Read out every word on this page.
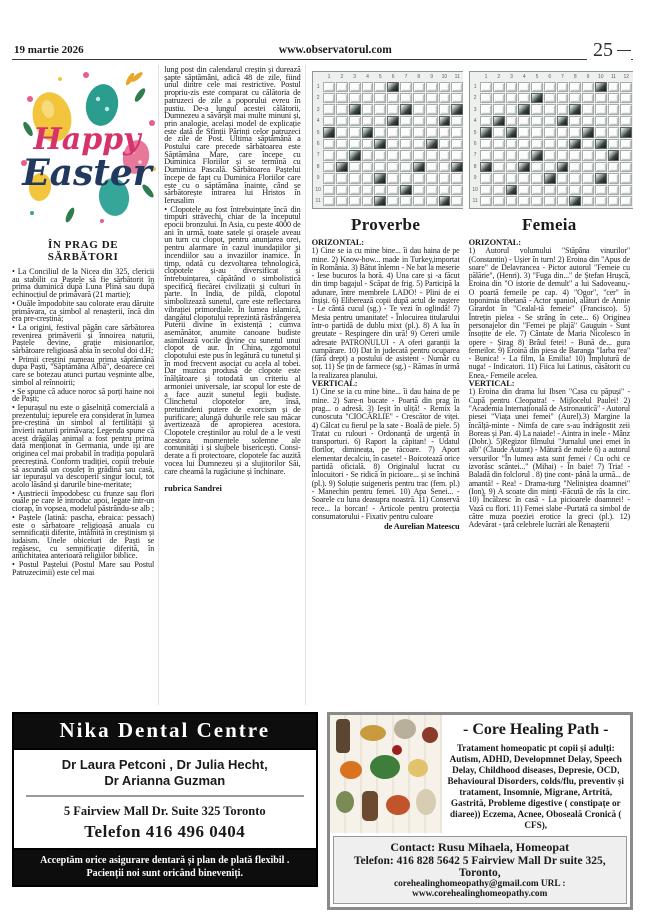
19 martie 2026	www.observatorul.com	25
Happy
Easter
ÎN PRAG DE SĂRBĂTORI

• La Conciliul de la Nicea din 325, clericii au stabilit ca Paștele să fie sărbătorit în prima duminică după Luna Plină sau după echinocțiul de primăvară (21 martie);

• Ouăle împodobite sau colorate erau dăruite primăvara, ca simbol al renașterii, încă din era pre-creștină;

• La origini, festival păgân care sărbătorea revenirea primăverii și înnoirea naturii, Paștele devine, grație misionarilor, sărbătoare religioasă abia în secolul doi d.H;

• Primii creștini numeau prima săptămână dupa Paști, "Săptămâna Albă", deoarece cei care se botezau atunci purtau veșminte albe, simbol al reînnoirii;

• Se spune că aduce noroc să porți haine noi de Paști;

• Iepurașul nu este o găselniță comercială a prezentului: iepurele era considerat în lumea pre-creștină un simbol al fertilității și învierii naturii primăvara; Legenda spune că acest drăgălaș animal a fost pentru prima dată menționat în Germania, unde își are originea cel mai probabil în tradiția populară precreștină. Conform tradiției, copiii trebuie să ascundă un coșuleț în grădină sau casă, iar iepurașul va descoperii singur locul, tot acolo lăsând și darurile bine-meritate;

• Austriecii împodobesc cu frunze sau flori ouăle pe care le introduc apoi, legate într-un ciorap, în vopsea, modelul păstrându-se alb ;

• Paștele (latină: pascha, ebraica: pessach) este o sărbatoare religioasă anuala cu semnificații diferite, întâlnită în creștinism și iudaism. Unele obiceiuri de Paști se regăsesc, cu semnificație diferită, în antichitatea anterioară religiilor biblice.

• Postul Paștelui (Postul Mare sau Postul Patruzecimii) este cel mai

lung post din calendarul creștin și durează șapte săptămâni, adică 48 de zile, fiind unul dintre cele mai restrictive. Postul propriu-zis este comparat cu călătoria de patruzeci de zile a poporului evreu în pustiu. De-a lungul acestei călătorii, Dumnezeu a săvârșit mai multe minuni și, prin analogie, același model de explicație este dată de Sfinții Părinți celor patruzeci de zile de Post. Ultima săptămână a Postului care precede sărbătoarea este Săptămâna Mare, care începe cu Duminica Floriilor și se termină cu Duminica Pascală. Sărbătoarea Paștelui începe de fapt cu Duminica Floriilor care este cu o săptămâna înainte, când se sărbătorește intrarea lui Hristos în Ierusalim

• Clopotele au fost întrebuințate încă din timpuri străvechi, chiar de la începutul epocii bronzului. În Asia, cu peste 4000 de ani în urmă, toate satele și orașele aveau un turn cu clopot, pentru anunțarea orei, pentru alarmare în cazul inundațiilor și incendiilor sau a invaziilor inamice. În timp, odată cu dezvoltarea tehnologică, clopotele și-au diversificat și întrebuințarea, căpătând o simbolistică specifică fiecărei civilizații și culturi în parte. În India, de pildă, clopotul simbolizează sunetul, care este reflectarea vibrației primordiale. În lumea islamică, dangătul clopotului reprezintă răsfrângerea Puterii divine în existență ; cumva asemănător, anumite canoane budiste asimilează vocile divine cu sunetul unui clopot de aur. În China, zgomotul clopotului este pus în legătură cu tunetul și în mod frecvent asociat cu acela al tobei. Dar muzica produsă de clopote este înălțătoare și totodată un criteriu al armoniei universale, iar scopul lor este de a face auzit sunetul legii budiste. Clinchetul clopotelor are, însă, pretutindeni putere de exorcism și de purificare; alungă duhurile rele sau măcar avertizează de apropierea acestora. Clopotele creștinilor au rolul de a le vesti acestora momentele solemne ale comunități i și slujbele bisericești. Consi-derate a fi protectoare, clopotele fac auzită vocea lui Dumnezeu și a slujitorilor Săi, care cheamă la rugăciune și închinare.

rubrica Sandrei
1	2	3	4	5	6	7	8	9	10	11
1
2
3
4
5
6
7
8
9
10
11
Proverbe
ORIZONTAL:
1) Cine se ia cu mine bine... îi dau haina de pe mine. 2) Know-how... made in Turkey,importat în România. 3) Bătut înlemn - Ne bat la meserie - Iese bucuros la horă. 4) Una care și -a făcut din timp bagajul - Scăpat de frig. 5) Participă la adunare, între membrele LADO! - Plini de ei înșiși. 6) Eliberează copii după actul de naștere - Le cântă cucul (sg.) - Te vezi în oglindă! 7) Mesia pentru umanitate! - Înlocuirea titularului într-o partidă de dublu mixt (pl.). 8) A lua în greutate - Respingere din ură! 9) Cereri umile adresate PATRONULUI - A oferi garanții la cumpărare. 10) Dat în judecată pentru ocuparea (fără drept) a postului de asistent - Număr cu soț. 11) Se țin de farmece (sg.) - Rămas în urmă la realizarea planului.
VERTICAL:
1) Cine se ia cu mine bine... îi dau haina de pe mine. 2) Sare-n bucate - Poartă din prag în prag... o adresă. 3) Ieșit în uliță! - Remix la cunoscuta "CIOCÂRLIE" - Crescător de viței. 4) Călcat cu fierul pe la sate - Boală de piele. 5) Tratat cu rulouri - Ordonanță de urgență în transporturi. 6) Raport la căpitan! - Udatul florilor, dimineața, pe răcoare. 7) Aport elementar decalciu, în casete! - Boicotează orice partidă oficială. 8) Originalul lucrat cu înlocuitori - Se ridică în picioare... și se închină (pl.). 9) Soluție suigeneris pentru trac (fem. pl.) - Manechin pentru femei. 10) Apa Senei... - Soarele cu luna deasupra noastră. 11) Conservă rece... la borcan! - Articole pentru protecția consumatorului - Fixativ pentru culoare
de Aurelian Mateescu
1	2	3	4	5	6	7	8	9	10	11	12
1
2
3
4
5
6
7
8
9
10
11
Femeia
ORIZONTAL:
1) Autorul volumului "Stăpâna vinurilor" (Constantin) - Ușier în turn! 2) Eroina din "Apus de soare" de Delavrancea - Pictor autorul "Femeie cu pălărie", (Henri). 3) "Fuga din..." de Ștefan Hrușcă, Eroina din "O istorie de demult" a lui Sadoveanu,- O poartă femeile pe cap. 4) "Ogor", "cer" în toponimia tibetană - Actor spaniol, alături de Annie Girardot în "Cealal-tă femeie" (Francisco). 5) Întrețin pielea - Se strâng în cete... 6) Originea personajelor din "Femei pe plajă" Gauguin - Sunt însoțite de ele. 7) Cântate de Maria Nicolesco în opere - Șirag 8) Brâul fetei! - Bună de... gura femeilor. 9) Eroină din piesa de Baranga "Iarba rea" - Bunica! - La film, la Emilia! 10) Împlutură de nuga! - Indicatori. 11) Fiica lui Latinus, căsătorit cu Enea,- Femeile acelea.
VERTICAL:
1) Eroina din drama lui Ibsen "Casa cu păpuși" -Cupă pentru Cleopatra! - Mijlocelul Paulei! 2) "Academia Internațională de Astronautică" - Autorul piesei "Viața unei femei" (Aurel).3) Margine la încălță-minte - Nimfa de care s-au îndrăgostit zeii Boreas și Pan. 4) La naiade! - Aintra in inele - Mânz (Dobr.). 5)Regizor filmului "Jurnalul unei emei în alb" (Claude Autant) - Mătură de nuiele 6) a autorul versurilor "În lumea asta sunt femei / Cu ochi ce izvorăsc scântei..." (Mihai) - În baie! 7) Tria! - Baladă din folclorul . 8) ține cont- până la urmă... de amantă! - Rea! - Drama-turg "Neliniștea doamnei" (Ion). 9) A scoate din minți -Făcută de râs la circ. 10) Încălzesc în casă - La picioarele doamnei! - Vază cu flori. 11) Femei slabe -Purtată ca simbol de către muza poeziei erotice la greci (pl.). 12) Adevărat - țară celebrele lucrări ale Renașterii
Nika Dental Centre
Dr Laura Petconi , Dr Julia Hecht,
Dr Arianna Guzman
5 Fairview Mall Dr. Suite 325 Toronto
Telefon 416 496 0404
Acceptăm orice asigurare dentară și plan de plată flexibil .
Pacienții noi sunt oricând bineveniți.
- Core Healing Path -
Tratament homeopatic pt copii și adulți: Autism, ADHD, Developmnet Delay, Speech Delay, Childhood diseases, Depresie, OCD, Behavioural Disorders, colds/flu, preventiv și tratament, Insomnie, Migrane, Artrită, Gastrită, Probleme digestive ( constipațe or diaree)) Eczema, Acnee, Oboseală Cronică ( CFS),
Contact: Rusu Mihaela, Homeopat
Telefon: 416 828 5642 5 Fairview Mall Dr suite 325, Toronto,
corehealinghomeopathy@gmail.com URL : www.corehealinghomeopathy.com
